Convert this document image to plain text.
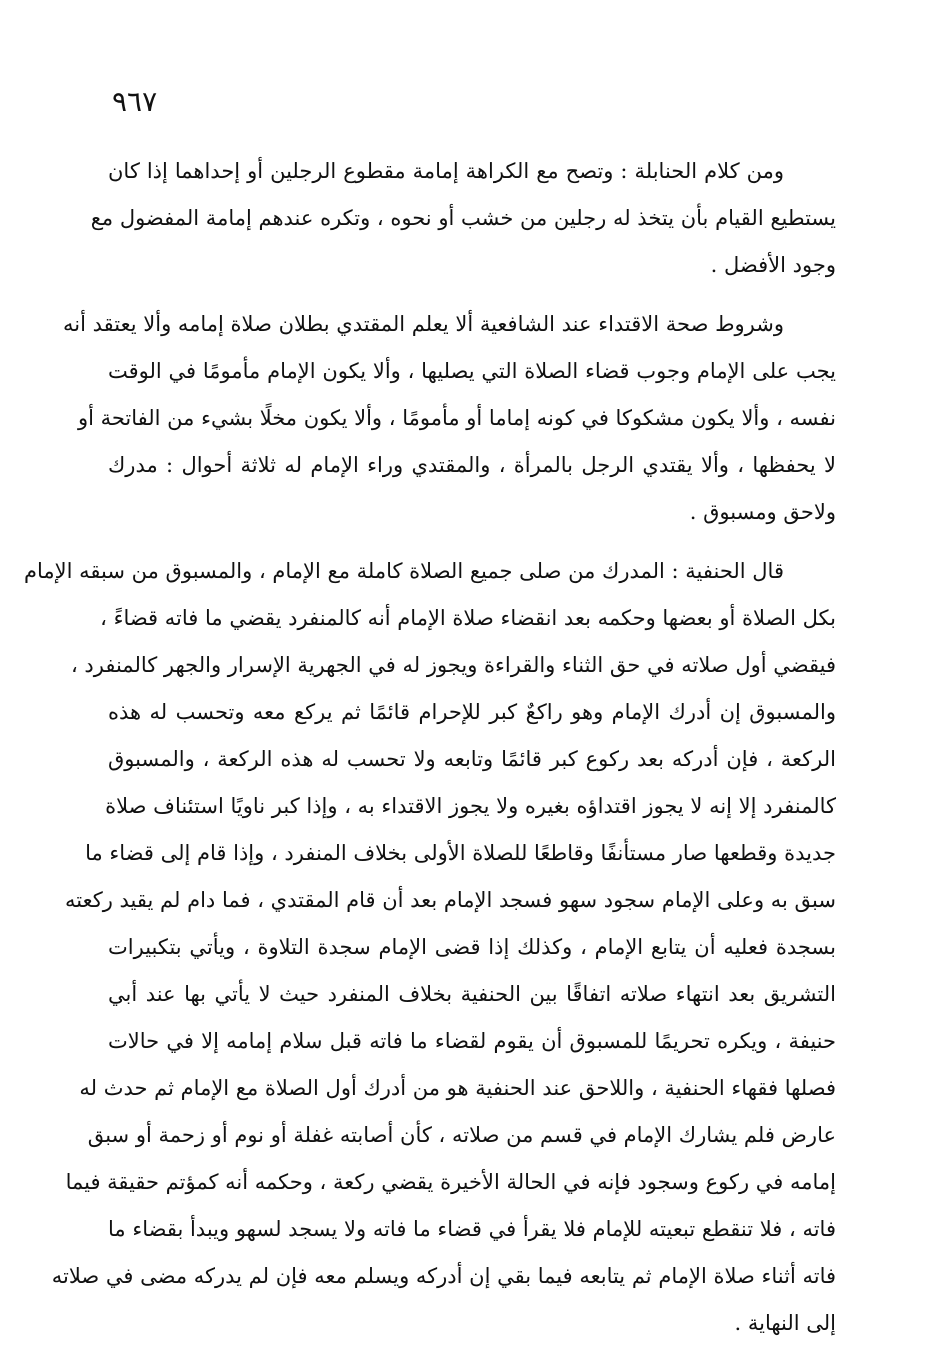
٩٦٧

ومن كلام الحنابلة : وتصح مع الكراهة إمامة مقطوع الرجلين أو إحداهما إذا كان
يستطيع القيام بأن يتخذ له رجلين من خشب أو نحوه ، وتكره عندهم إمامة المفضول مع
وجود الأفضل .

وشروط صحة الاقتداء عند الشافعية ألا يعلم المقتدي بطلان صلاة إمامه وألا يعتقد أنه
يجب على الإمام وجوب قضاء الصلاة التي يصليها ، وألا يكون الإمام مأمومًا في الوقت
نفسه ، وألا يكون مشكوكا في كونه إماما أو مأمومًا ، وألا يكون مخلًا بشيء من الفاتحة أو
لا يحفظها ، وألا يقتدي الرجل بالمرأة ، والمقتدي وراء الإمام له ثلاثة أحوال : مدرك
ولاحق ومسبوق .

قال الحنفية : المدرك من صلى جميع الصلاة كاملة مع الإمام ، والمسبوق من سبقه الإمام
بكل الصلاة أو بعضها وحكمه بعد انقضاء صلاة الإمام أنه كالمنفرد يقضي ما فاته قضاءً ،
فيقضي أول صلاته في حق الثناء والقراءة ويجوز له في الجهرية الإسرار والجهر كالمنفرد ،
والمسبوق إن أدرك الإمام وهو راكعٌ كبر للإحرام قائمًا ثم يركع معه وتحسب له هذه
الركعة ، فإن أدركه بعد ركوع كبر قائمًا وتابعه ولا تحسب له هذه الركعة ، والمسبوق
كالمنفرد إلا إنه لا يجوز اقتداؤه بغيره ولا يجوز الاقتداء به ، وإذا كبر ناويًا استئناف صلاة
جديدة وقطعها صار مستأنفًا وقاطعًا للصلاة الأولى بخلاف المنفرد ، وإذا قام إلى قضاء ما
سبق به وعلى الإمام سجود سهو فسجد الإمام بعد أن قام المقتدي ، فما دام لم يقيد ركعته
بسجدة فعليه أن يتابع الإمام ، وكذلك إذا قضى الإمام سجدة التلاوة ، ويأتي بتكبيرات
التشريق بعد انتهاء صلاته اتفاقًا بين الحنفية بخلاف المنفرد حيث لا يأتي بها عند أبي
حنيفة ، ويكره تحريمًا للمسبوق أن يقوم لقضاء ما فاته قبل سلام إمامه إلا في حالات
فصلها فقهاء الحنفية ، واللاحق عند الحنفية هو من أدرك أول الصلاة مع الإمام ثم حدث له
عارض فلم يشارك الإمام في قسم من صلاته ، كأن أصابته غفلة أو نوم أو زحمة أو سبق
إمامه في ركوع وسجود فإنه في الحالة الأخيرة يقضي ركعة ، وحكمه أنه كمؤتم حقيقة فيما
فاته ، فلا تنقطع تبعيته للإمام فلا يقرأ في قضاء ما فاته ولا يسجد لسهو ويبدأ بقضاء ما
فاته أثناء صلاة الإمام ثم يتابعه فيما بقي إن أدركه ويسلم معه فإن لم يدركه مضى في صلاته
إلى النهاية .
